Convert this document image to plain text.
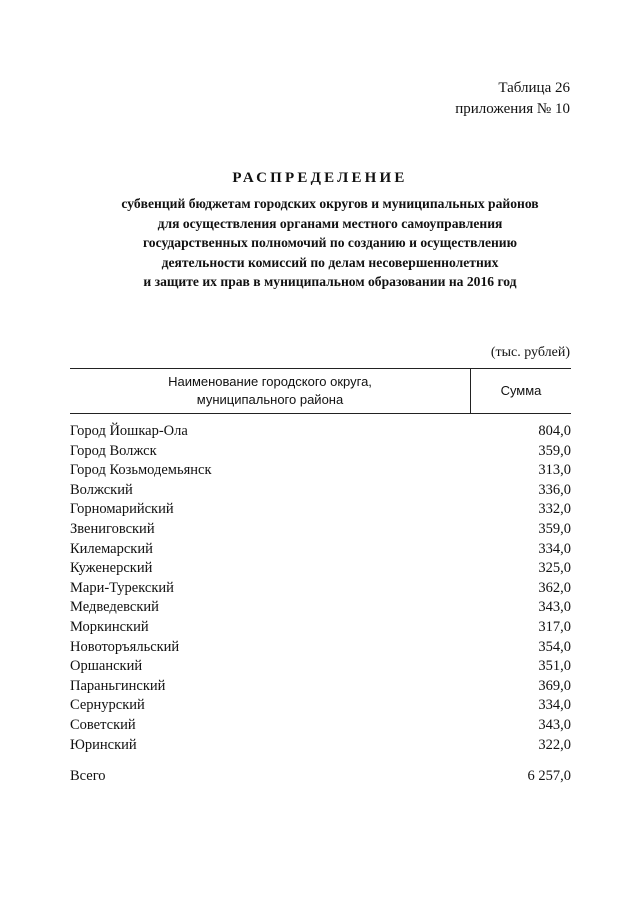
Таблица 26
приложения № 10
РАСПРЕДЕЛЕНИЕ
субвенций бюджетам городских округов и муниципальных районов
для осуществления органами местного самоуправления
государственных полномочий по созданию и осуществлению
деятельности комиссий по делам несовершеннолетних
и защите их прав в муниципальном образовании на 2016 год
(тыс. рублей)
Наименование городского округа,
муниципального района	Сумма
Город Йошкар-Ола	804,0
Город Волжск	359,0
Город Козьмодемьянск	313,0
Волжский	336,0
Горномарийский	332,0
Звениговский	359,0
Килемарский	334,0
Куженерский	325,0
Мари-Турекский	362,0
Медведевский	343,0
Моркинский	317,0
Новоторъяльский	354,0
Оршанский	351,0
Параньгинский	369,0
Сернурский	334,0
Советский	343,0
Юринский	322,0
Всего	6 257,0
